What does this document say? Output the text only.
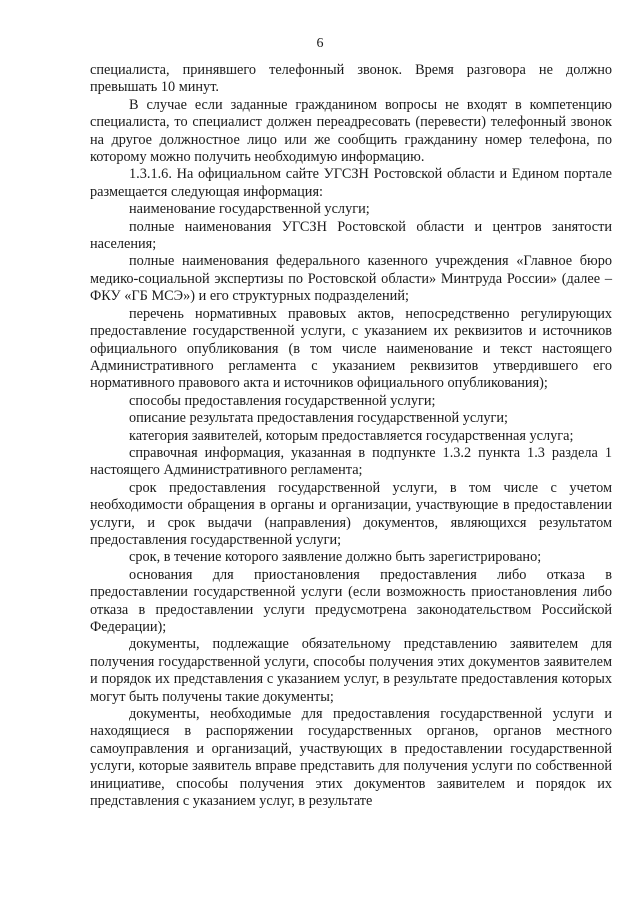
6

специалиста, принявшего телефонный звонок. Время разговора не должно превышать 10 минут.

В случае если заданные гражданином вопросы не входят в компетенцию специалиста, то специалист должен переадресовать (перевести) телефонный звонок на другое должностное лицо или же сообщить гражданину номер телефона, по которому можно получить необходимую информацию.

1.3.1.6. На официальном сайте УГСЗН Ростовской области и Едином портале размещается следующая информация:

наименование государственной услуги;

полные наименования УГСЗН Ростовской области и центров занятости населения;

полные наименования федерального казенного учреждения «Главное бюро медико-социальной экспертизы по Ростовской области» Минтруда России» (далее – ФКУ «ГБ МСЭ») и его структурных подразделений;

перечень нормативных правовых актов, непосредственно регулирующих предоставление государственной услуги, с указанием их реквизитов и источников официального опубликования (в том числе наименование и текст настоящего Административного регламента с указанием реквизитов утвердившего его нормативного правового акта и источников официального опубликования);

способы предоставления государственной услуги;

описание результата предоставления государственной услуги;

категория заявителей, которым предоставляется государственная услуга;

справочная информация, указанная в подпункте 1.3.2 пункта 1.3 раздела 1 настоящего Административного регламента;

срок предоставления государственной услуги, в том числе с учетом необходимости обращения в органы и организации, участвующие в предоставлении услуги, и срок выдачи (направления) документов, являющихся результатом предоставления государственной услуги;

срок, в течение которого заявление должно быть зарегистрировано;

основания для приостановления предоставления либо отказа в предоставлении государственной услуги (если возможность приостановления либо отказа в предоставлении услуги предусмотрена законодательством Российской Федерации);

документы, подлежащие обязательному представлению заявителем для получения государственной услуги, способы получения этих документов заявителем и порядок их представления с указанием услуг, в результате предоставления которых могут быть получены такие документы;

документы, необходимые для предоставления государственной услуги и находящиеся в распоряжении государственных органов, органов местного самоуправления и организаций, участвующих в предоставлении государственной услуги, которые заявитель вправе представить для получения услуги по собственной инициативе, способы получения этих документов заявителем и порядок их представления с указанием услуг, в результате
